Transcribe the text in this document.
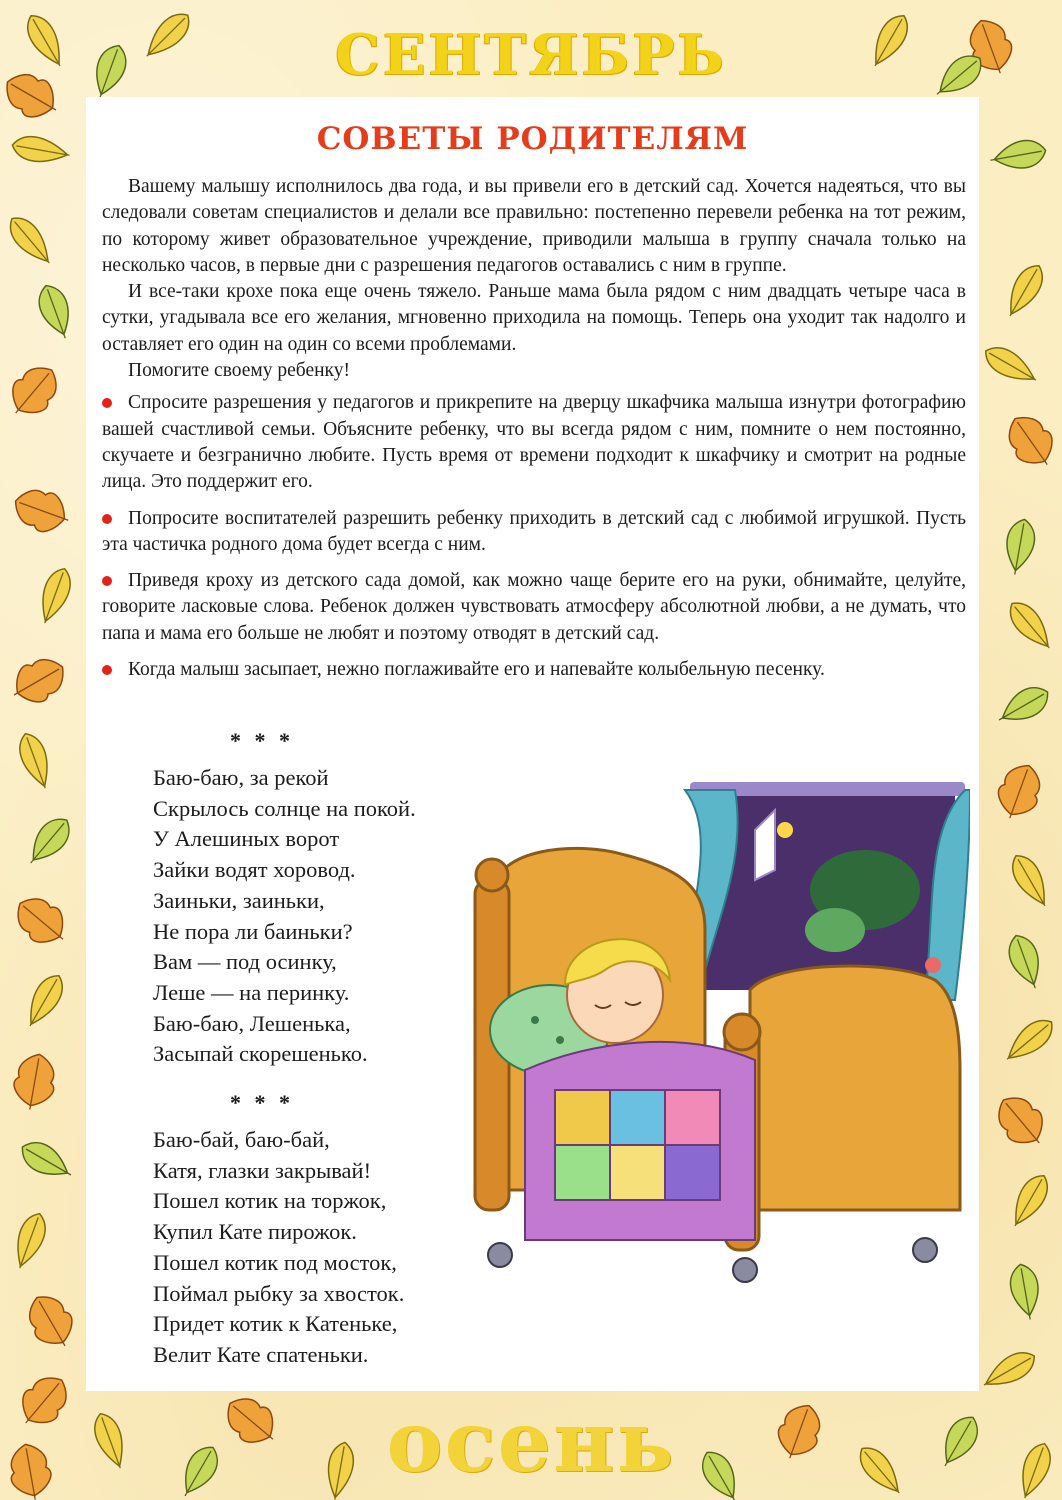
СЕНТЯБРЬ
СОВЕТЫ РОДИТЕЛЯМ

Вашему малышу исполнилось два года, и вы привели его в детский сад. Хочется надеяться, что вы следовали советам специалистов и делали все правильно: постепенно перевели ребенка на тот режим, по которому живет образовательное учреждение, приводили малыша в группу сначала только на несколько часов, в первые дни с разрешения педагогов оставались с ним в группе.

И все-таки крохе пока еще очень тяжело. Раньше мама была рядом с ним двадцать четыре часа в сутки, угадывала все его желания, мгновенно приходила на помощь. Теперь она уходит так надолго и оставляет его один на один со всеми проблемами.

Помогите своему ребенку!

Спросите разрешения у педагогов и прикрепите на дверцу шкафчика малыша изнутри фотографию вашей счастливой семьи. Объясните ребенку, что вы всегда рядом с ним, помните о нем постоянно, скучаете и безгранично любите. Пусть время от времени подходит к шкафчику и смотрит на родные лица. Это поддержит его.

Попросите воспитателей разрешить ребенку приходить в детский сад с любимой игрушкой. Пусть эта частичка родного дома будет всегда с ним.

Приведя кроху из детского сада домой, как можно чаще берите его на руки, обнимайте, целуйте, говорите ласковые слова. Ребенок должен чувствовать атмосферу абсолютной любви, а не думать, что папа и мама его больше не любят и поэтому отводят в детский сад.

Когда малыш засыпает, нежно поглаживайте его и напевайте колыбельную песенку.

* * *
Баю-баю, за рекой
Скрылось солнце на покой.
У Алешиных ворот
Зайки водят хоровод.
Заиньки, заиньки,
Не пора ли баиньки?
Вам — под осинку,
Леше — на перинку.
Баю-баю, Лешенька,
Засыпай скорешенько.
* * *
Баю-бай, баю-бай,
Катя, глазки закрывай!
Пошел котик на торжок,
Купил Кате пирожок.
Пошел котик под мосток,
Поймал рыбку за хвосток.
Придет котик к Катеньке,
Велит Кате спатеньки.
осень
